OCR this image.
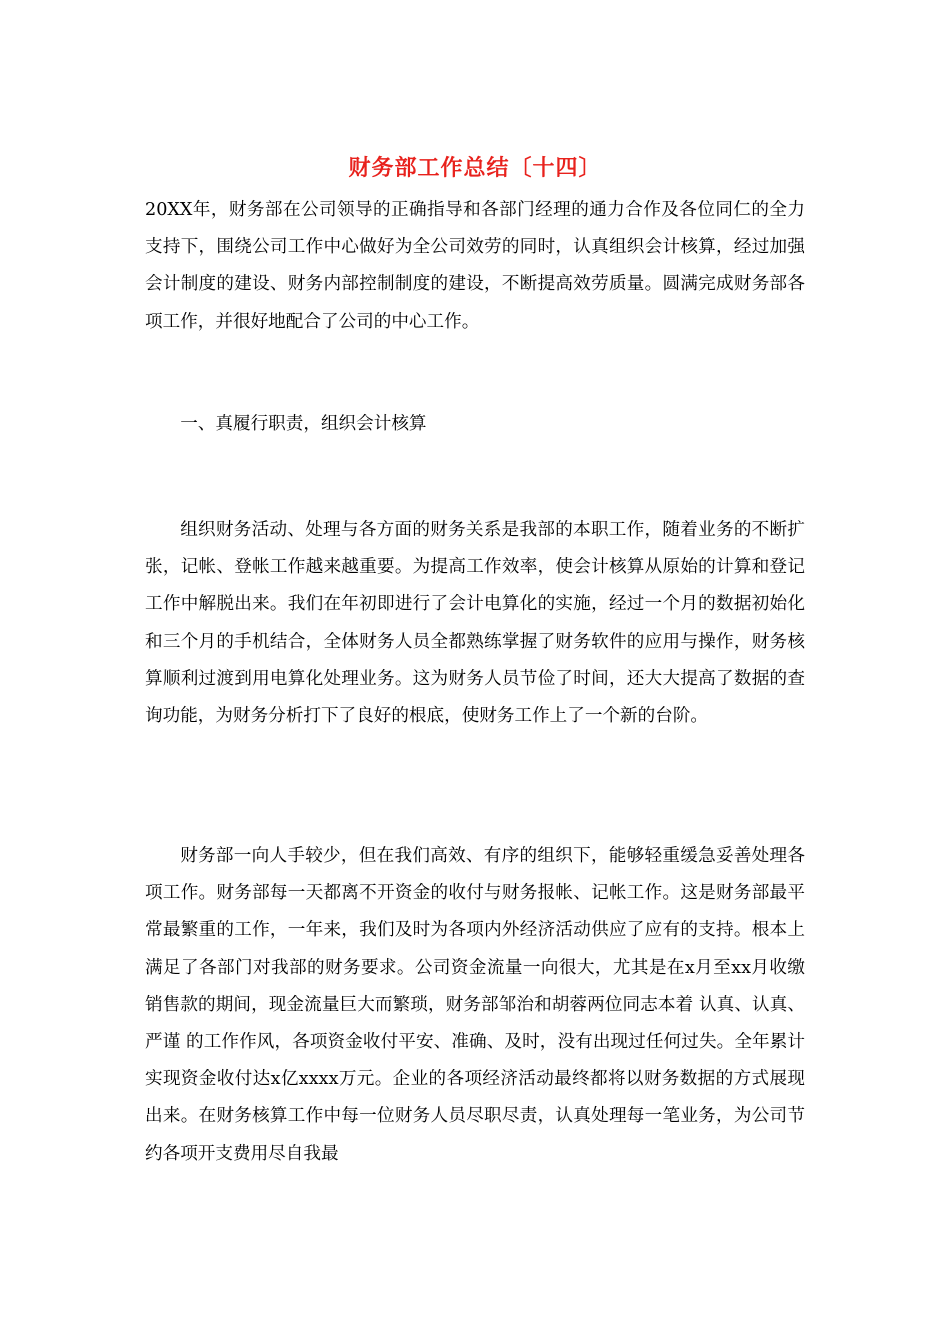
财务部工作总结〔十四〕

20XX年，财务部在公司领导的正确指导和各部门经理的通力合作及各位同仁的全力支持下，围绕公司工作中心做好为全公司效劳的同时，认真组织会计核算，经过加强会计制度的建设、财务内部控制制度的建设，不断提高效劳质量。圆满完成财务部各项工作，并很好地配合了公司的中心工作。

一、真履行职责，组织会计核算

组织财务活动、处理与各方面的财务关系是我部的本职工作，随着业务的不断扩张，记帐、登帐工作越来越重要。为提高工作效率，使会计核算从原始的计算和登记工作中解脱出来。我们在年初即进行了会计电算化的实施，经过一个月的数据初始化和三个月的手机结合，全体财务人员全都熟练掌握了财务软件的应用与操作，财务核算顺利过渡到用电算化处理业务。这为财务人员节俭了时间，还大大提高了数据的查询功能，为财务分析打下了良好的根底，使财务工作上了一个新的台阶。

财务部一向人手较少，但在我们高效、有序的组织下，能够轻重缓急妥善处理各项工作。财务部每一天都离不开资金的收付与财务报帐、记帐工作。这是财务部最平常最繁重的工作，一年来，我们及时为各项内外经济活动供应了应有的支持。根本上满足了各部门对我部的财务要求。公司资金流量一向很大，尤其是在x月至xx月收缴销售款的期间，现金流量巨大而繁琐，财务部邹治和胡蓉两位同志本着 认真、认真、严谨 的工作作风，各项资金收付平安、准确、及时，没有出现过任何过失。全年累计实现资金收付达x亿xxxx万元。企业的各项经济活动最终都将以财务数据的方式展现出来。在财务核算工作中每一位财务人员尽职尽责，认真处理每一笔业务，为公司节约各项开支费用尽自我最
